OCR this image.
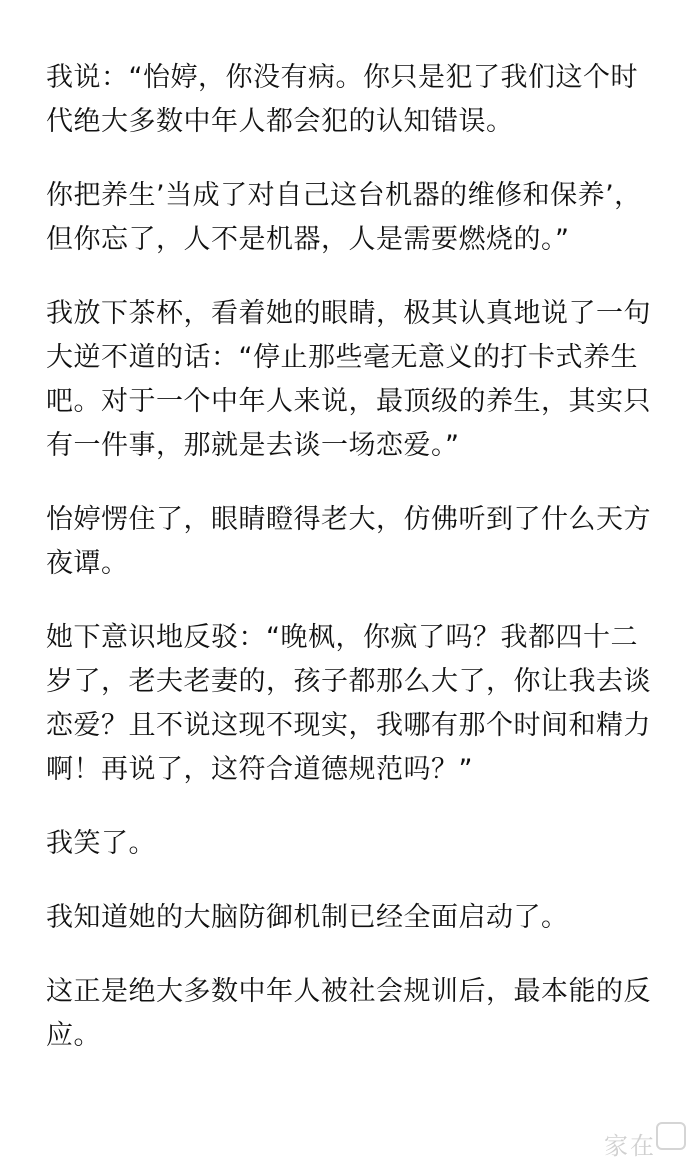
我说：“怡婷，你没有病。你只是犯了我们这个时代绝大多数中年人都会犯的认知错误。

你把养生’当成了对自己这台机器的维修和保养’，但你忘了，人不是机器，人是需要燃烧的。”

我放下茶杯，看着她的眼睛，极其认真地说了一句大逆不道的话：“停止那些毫无意义的打卡式养生吧。对于一个中年人来说，最顶级的养生，其实只有一件事，那就是去谈一场恋爱。”

怡婷愣住了，眼睛瞪得老大，仿佛听到了什么天方夜谭。

她下意识地反驳：“晚枫，你疯了吗？我都四十二岁了，老夫老妻的，孩子都那么大了，你让我去谈恋爱？且不说这现不现实，我哪有那个时间和精力啊！再说了，这符合道德规范吗？”

我笑了。

我知道她的大脑防御机制已经全面启动了。

这正是绝大多数中年人被社会规训后，最本能的反应。

家在
